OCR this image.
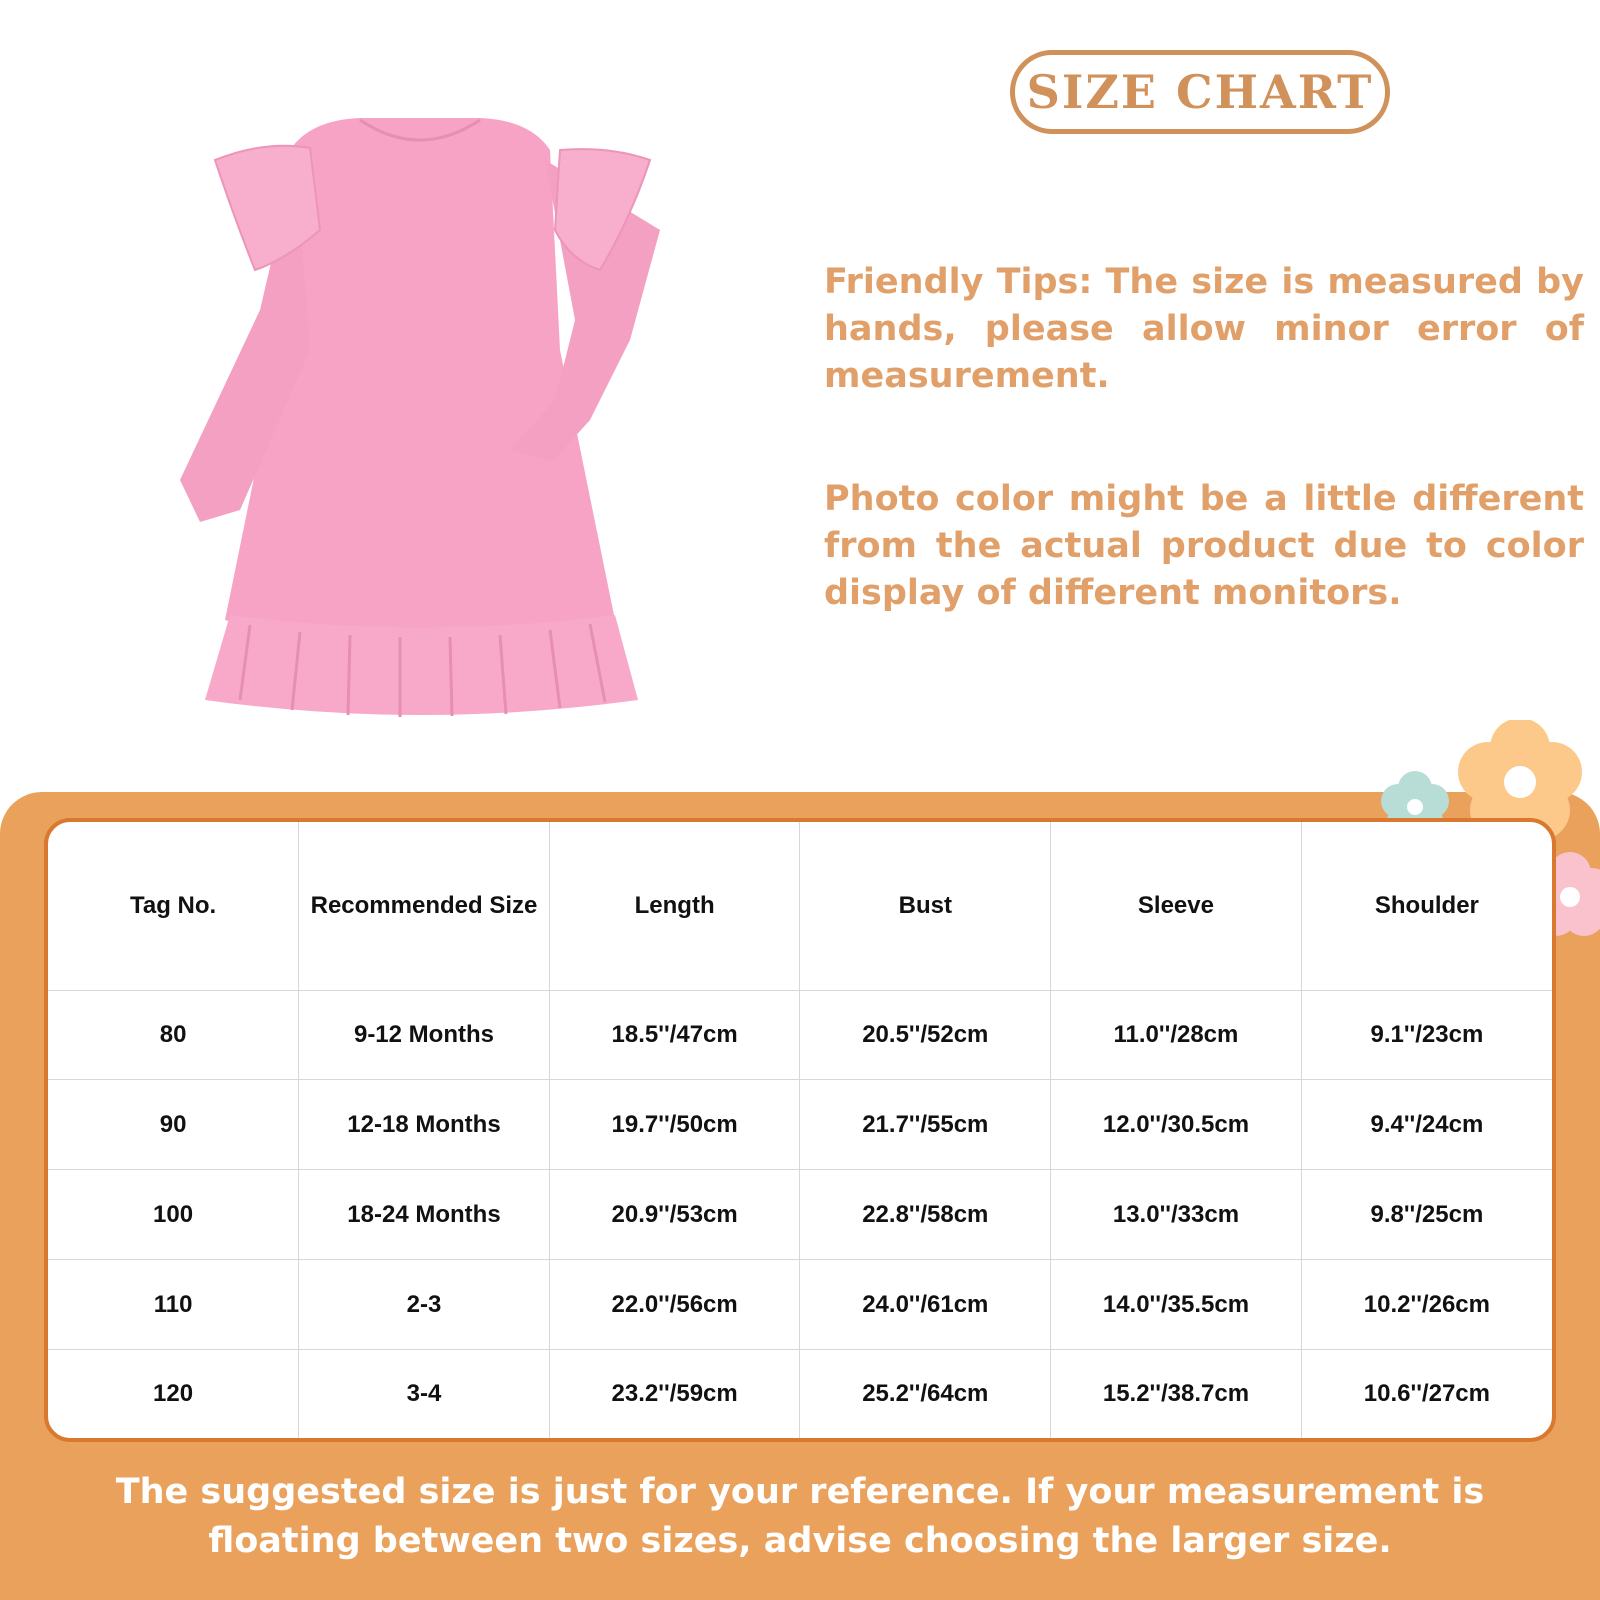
SIZE CHART
Friendly Tips: The size is measured by hands, please allow minor error of measurement.
Photo color might be a little different from the actual product due to color display of different monitors.
Tag No.	Recommended Size	Length	Bust	Sleeve	Shoulder
80	9-12 Months	18.5''/47cm	20.5''/52cm	11.0''/28cm	9.1''/23cm
90	12-18 Months	19.7''/50cm	21.7''/55cm	12.0''/30.5cm	9.4''/24cm
100	18-24 Months	20.9''/53cm	22.8''/58cm	13.0''/33cm	9.8''/25cm
110	2-3	22.0''/56cm	24.0''/61cm	14.0''/35.5cm	10.2''/26cm
120	3-4	23.2''/59cm	25.2''/64cm	15.2''/38.7cm	10.6''/27cm
The suggested size is just for your reference. If your measurement is floating between two sizes, advise choosing the larger size.
